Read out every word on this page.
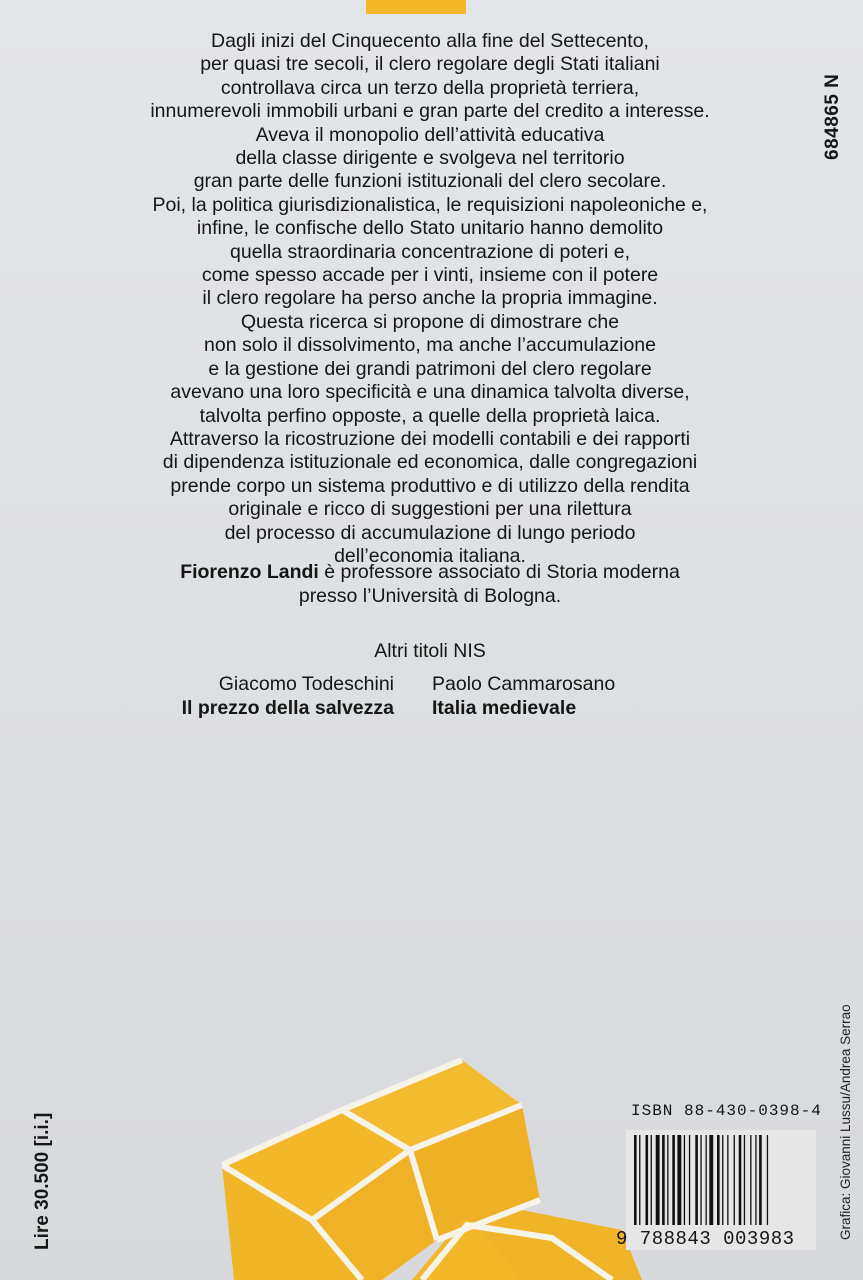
684865 N
Dagli inizi del Cinquecento alla fine del Settecento,
per quasi tre secoli, il clero regolare degli Stati italiani
controllava circa un terzo della proprietà terriera,
innumerevoli immobili urbani e gran parte del credito a interesse.
Aveva il monopolio dell’attività educativa
della classe dirigente e svolgeva nel territorio
gran parte delle funzioni istituzionali del clero secolare.
Poi, la politica giurisdizionalistica, le requisizioni napoleoniche e,
infine, le confische dello Stato unitario hanno demolito
quella straordinaria concentrazione di poteri e,
come spesso accade per i vinti, insieme con il potere
il clero regolare ha perso anche la propria immagine.
Questa ricerca si propone di dimostrare che
non solo il dissolvimento, ma anche l’accumulazione
e la gestione dei grandi patrimoni del clero regolare
avevano una loro specificità e una dinamica talvolta diverse,
talvolta perfino opposte, a quelle della proprietà laica.
Attraverso la ricostruzione dei modelli contabili e dei rapporti
di dipendenza istituzionale ed economica, dalle congregazioni
prende corpo un sistema produttivo e di utilizzo della rendita
originale e ricco di suggestioni per una rilettura
del processo di accumulazione di lungo periodo
dell’economia italiana.
Fiorenzo Landi è professore associato di Storia moderna
presso l’Università di Bologna.
Altri titoli NIS
Giacomo Todeschini
Il prezzo della salvezza
Paolo Cammarosano
Italia medievale
Lire 30.500 [i.i.]	Grafica: Giovanni Lussu/Andrea Serrao
ISBN 88-430-0398-4
9 788843 003983
